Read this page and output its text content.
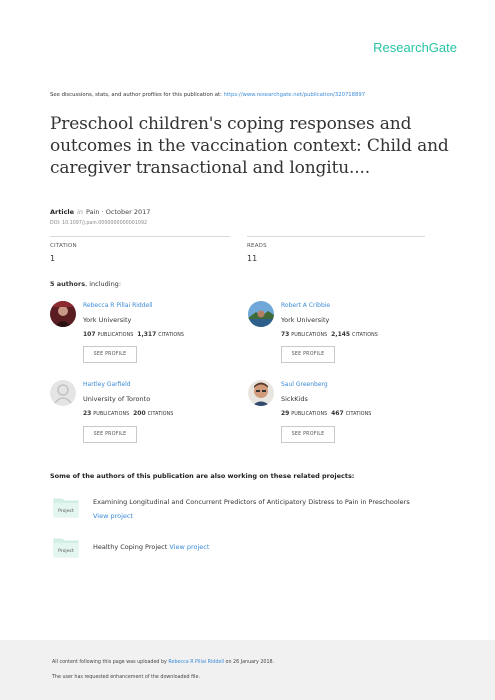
ResearchGate
See discussions, stats, and author profiles for this publication at: https://www.researchgate.net/publication/320718897
Preschool children's coping responses and outcomes in the vaccination context: Child and caregiver transactional and longitu....
Article in Pain · October 2017
DOI: 10.1097/j.pain.0000000000001092
CITATION
1
READS
11
5 authors, including:
Rebecca R Pillai Riddell
York University
107 PUBLICATIONS 1,317 CITATIONS
SEE PROFILE
Robert A Cribbie
York University
73 PUBLICATIONS 2,145 CITATIONS
SEE PROFILE
Hartley Garfield
University of Toronto
23 PUBLICATIONS 200 CITATIONS
SEE PROFILE
Saul Greenberg
SickKids
29 PUBLICATIONS 467 CITATIONS
SEE PROFILE
Some of the authors of this publication are also working on these related projects:
Project
Examining Longitudinal and Concurrent Predictors of Anticipatory Distress to Pain in Preschoolers
View project
Project
Healthy Coping Project View project
All content following this page was uploaded by Rebecca R Pillai Riddell on 26 January 2018.
The user has requested enhancement of the downloaded file.
